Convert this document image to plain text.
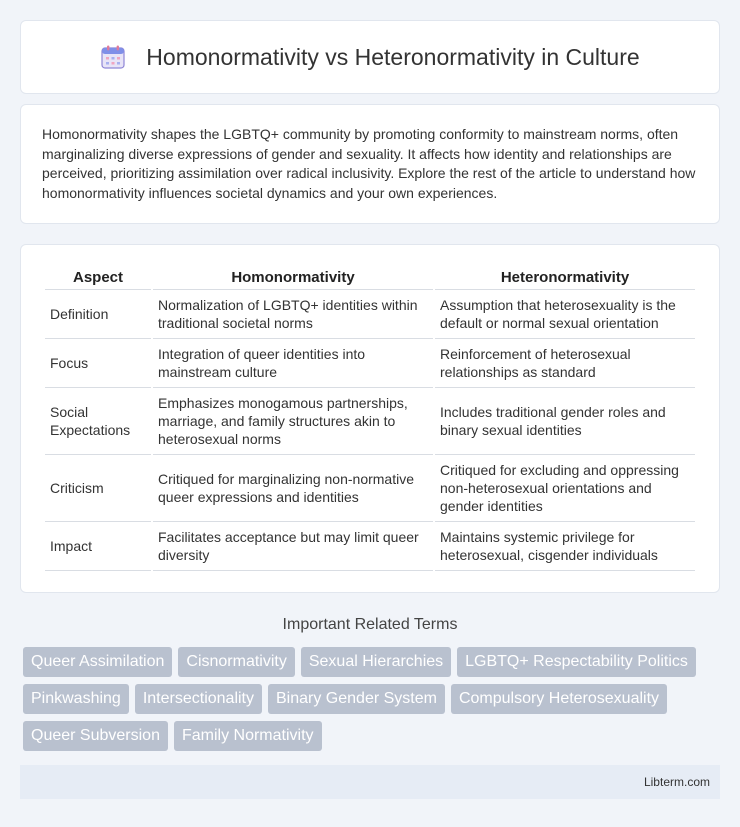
Homonormativity vs Heteronormativity in Culture

Homonormativity shapes the LGBTQ+ community by promoting conformity to mainstream norms, often marginalizing diverse expressions of gender and sexuality. It affects how identity and relationships are perceived, prioritizing assimilation over radical inclusivity. Explore the rest of the article to understand how homonormativity influences societal dynamics and your own experiences.

Aspect	Homonormativity	Heteronormativity
Definition	Normalization of LGBTQ+ identities within traditional societal norms	Assumption that heterosexuality is the default or normal sexual orientation
Focus	Integration of queer identities into mainstream culture	Reinforcement of heterosexual relationships as standard
Social Expectations	Emphasizes monogamous partnerships, marriage, and family structures akin to heterosexual norms	Includes traditional gender roles and binary sexual identities
Criticism	Critiqued for marginalizing non-normative queer expressions and identities	Critiqued for excluding and oppressing non-heterosexual orientations and gender identities
Impact	Facilitates acceptance but may limit queer diversity	Maintains systemic privilege for heterosexual, cisgender individuals
Important Related Terms
Queer Assimilation	Cisnormativity	Sexual Hierarchies	LGBTQ+ Respectability Politics
Pinkwashing	Intersectionality	Binary Gender System	Compulsory Heterosexuality
Queer Subversion	Family Normativity
Libterm.com
